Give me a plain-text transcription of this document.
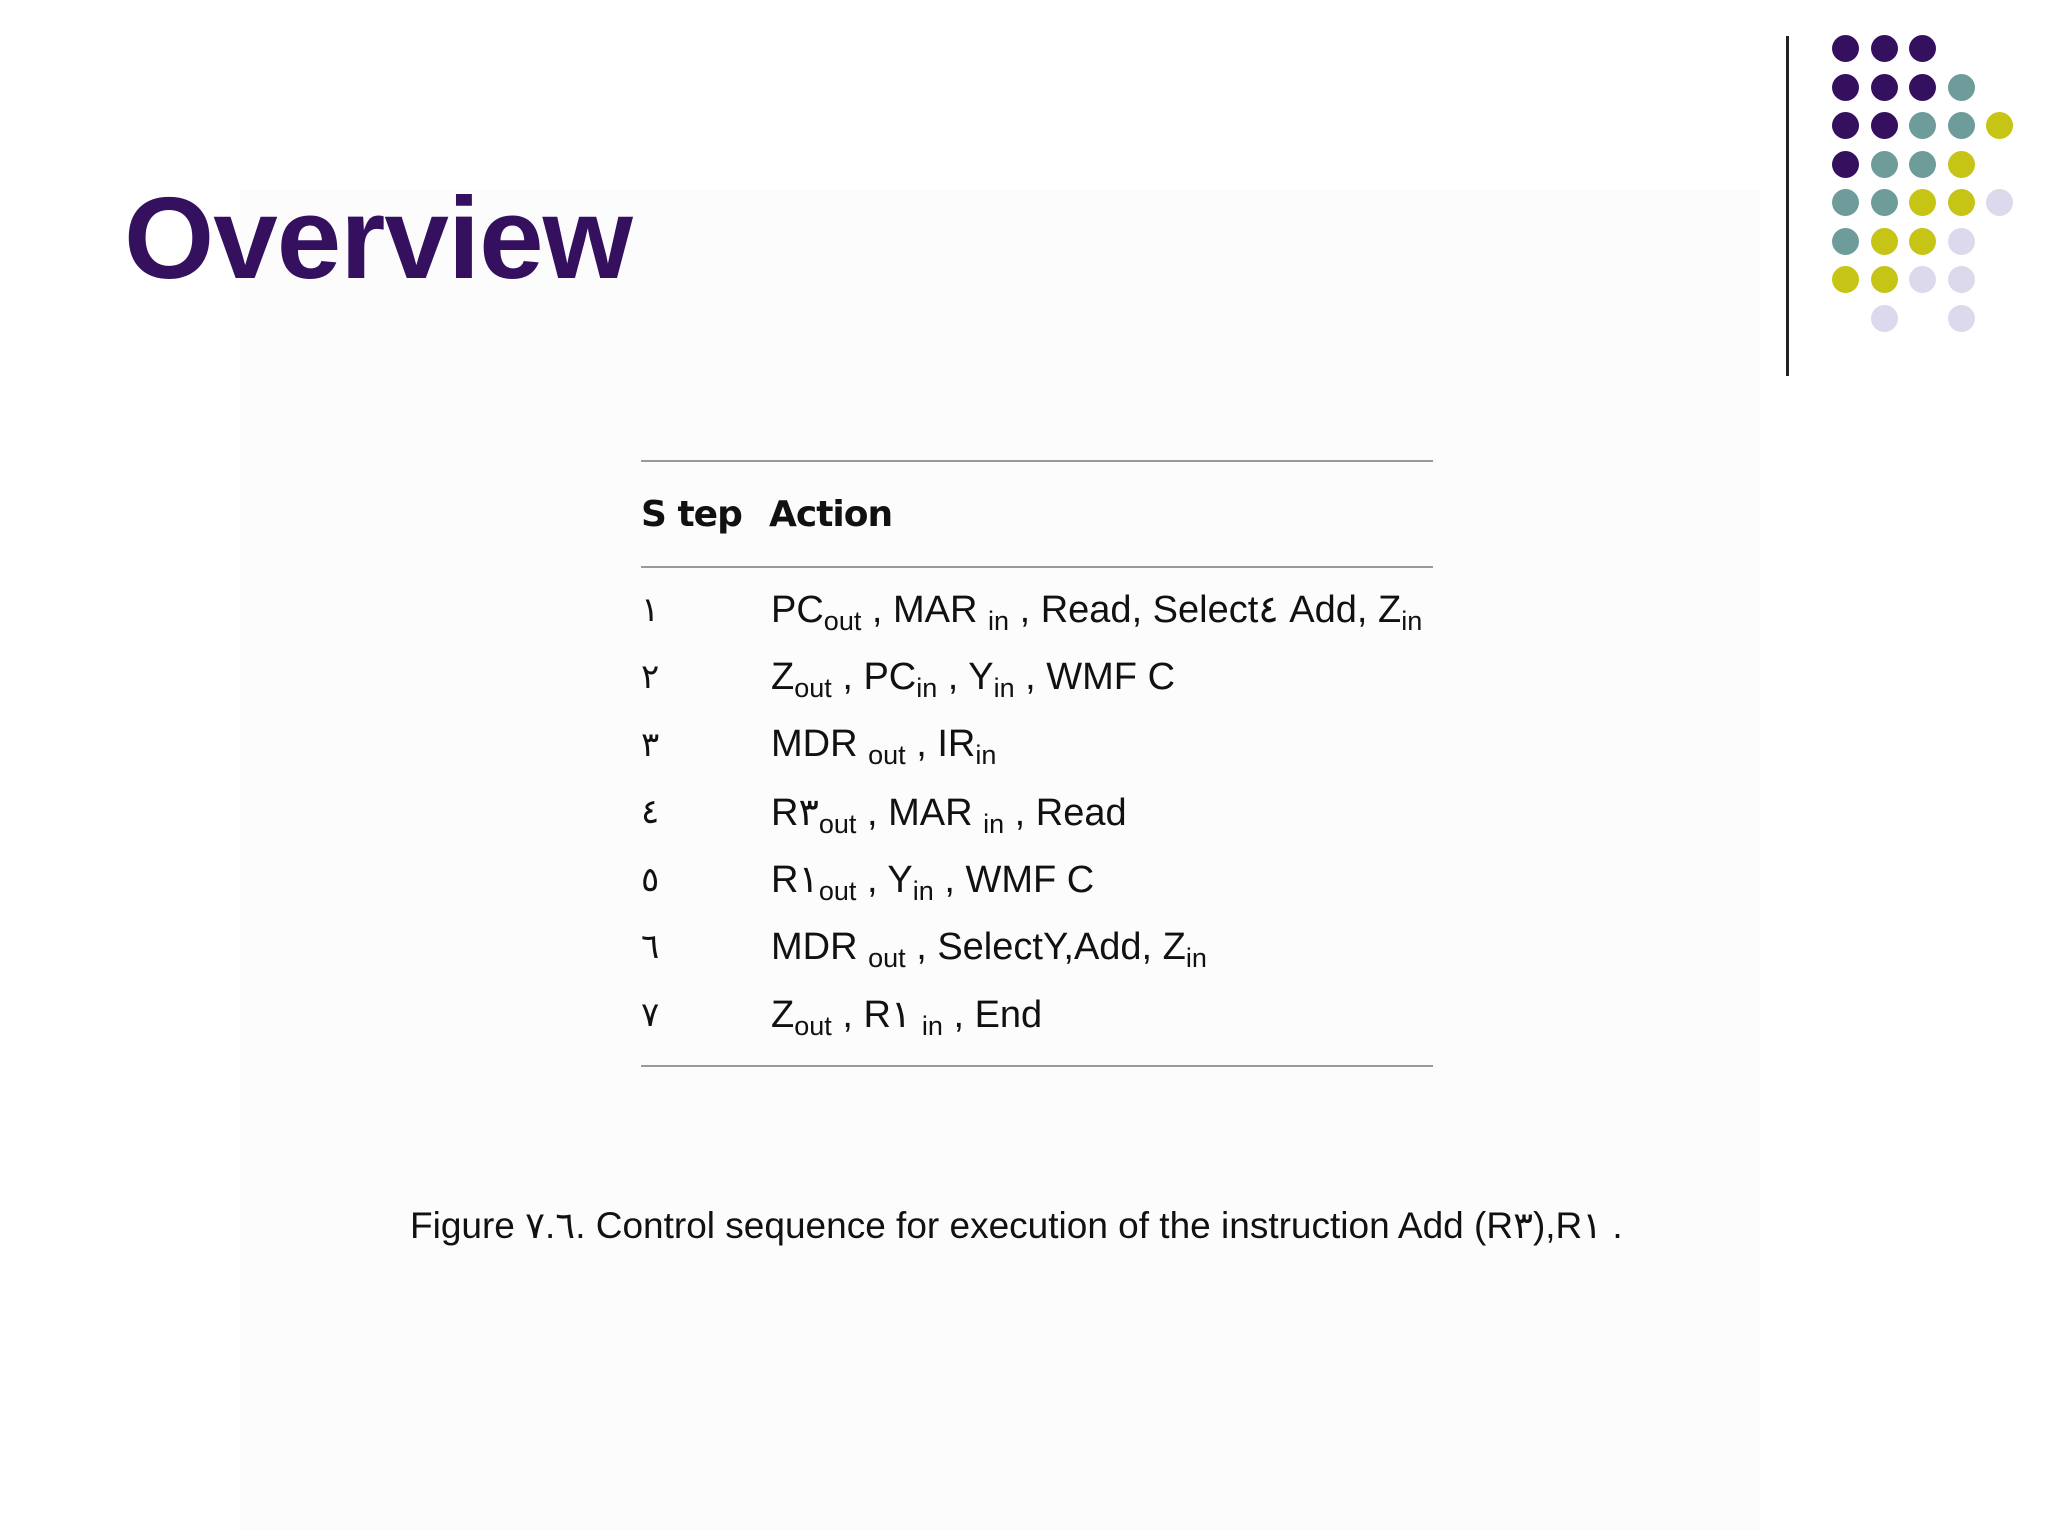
Overview
S tep Action
١	$PC_{out}$ , MAR $_{in}$ , Read, Select٤ Add, $Z_{in}$
٢	$Z_{out}$ , $PC_{in}$ , $Y_{in}$ , WMF C
٣	MDR $_{out}$ , $IR_{in}$
٤	$R٣_{out}$ , MAR $_{in}$ , Read
٥	$R١_{out}$ , $Y_{in}$ , WMF C
٦	MDR $_{out}$ , SelectY,Add, $Z_{in}$
٧	$Z_{out}$ , R١ $_{in}$ , End
Figure ٧.٦. Control sequence for execution of the instruction Add (R٣),R١ .
